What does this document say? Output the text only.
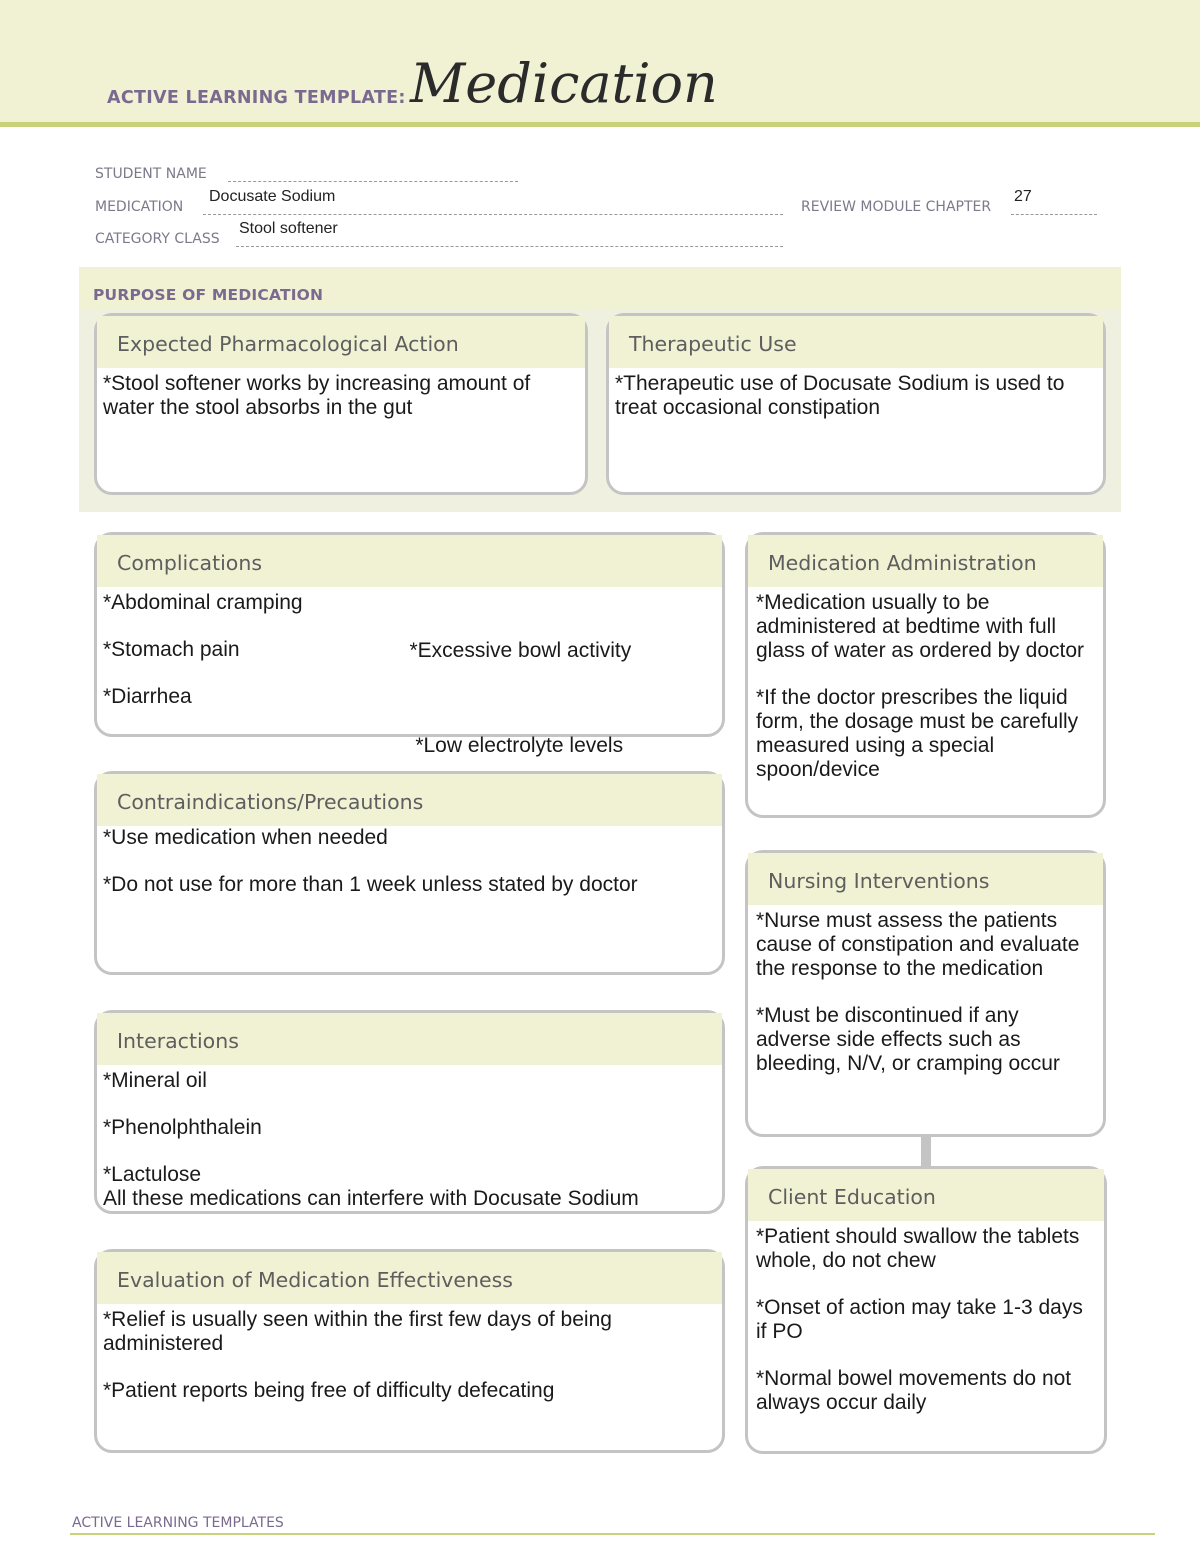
ACTIVE LEARNING TEMPLATE: Medication
STUDENT NAME
MEDICATION
Docusate Sodium
REVIEW MODULE CHAPTER
27
CATEGORY CLASS
Stool softener
PURPOSE OF MEDICATION
Expected Pharmacological Action
*Stool softener works by increasing amount of water the stool absorbs in the gut
Therapeutic Use
*Therapeutic use of Docusate Sodium is used to treat occasional constipation
Complications

*Abdominal cramping

*Stomach pain

*Diarrhea

*Excessive bowl activity

*Low electrolyte levels

Medication Administration

*Medication usually to be administered at bedtime with full glass of water as ordered by doctor

*If the doctor prescribes the liquid form, the dosage must be carefully measured using a special spoon/device

Contraindications/Precautions

*Use medication when needed

*Do not use for more than 1 week unless stated by doctor	Nursing Interventions

*Nurse must assess the patients cause of constipation and evaluate the response to the medication

*Must be discontinued if any adverse side effects such as bleeding, N/V, or cramping occur

Interactions

*Mineral oil

*Phenolphthalein

*Lactulose

All these medications can interfere with Docusate Sodium	Client Education

*Patient should swallow the tablets whole, do not chew

*Onset of action may take 1-3 days if PO

*Normal bowel movements do not always occur daily

Evaluation of Medication Effectiveness

*Relief is usually seen within the first few days of being administered

*Patient reports being free of difficulty defecating

ACTIVE LEARNING TEMPLATES
